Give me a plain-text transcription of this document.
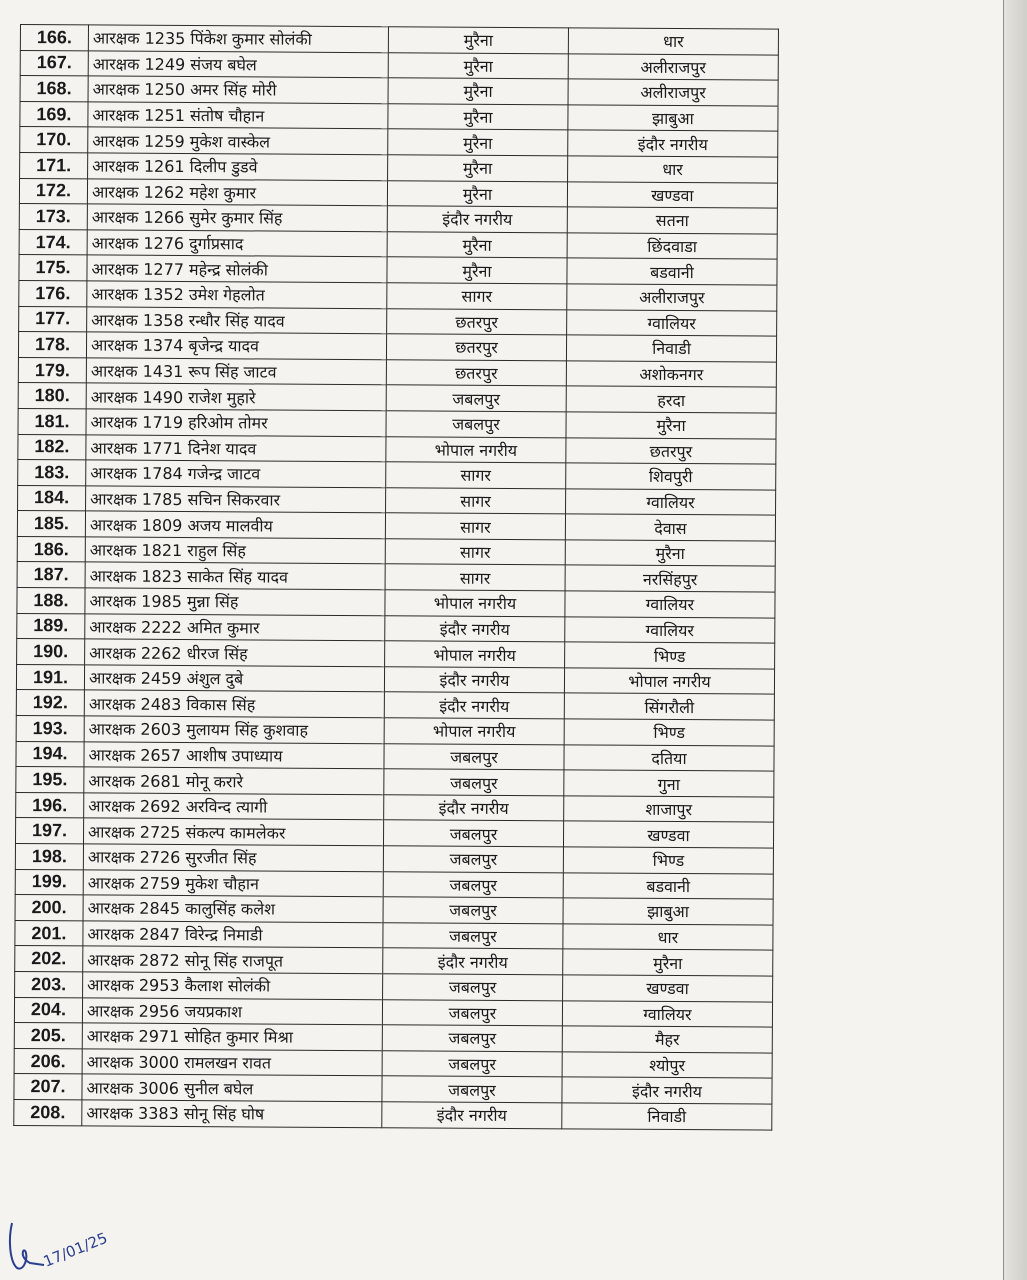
166.	आरक्षक 1235 पिंकेश कुमार सोलंकी	मुरैना	धार
167.	आरक्षक 1249 संजय बघेल	मुरैना	अलीराजपुर
168.	आरक्षक 1250 अमर सिंह मोरी	मुरैना	अलीराजपुर
169.	आरक्षक 1251 संतोष चौहान	मुरैना	झाबुआ
170.	आरक्षक 1259 मुकेश वास्केल	मुरैना	इंदौर नगरीय
171.	आरक्षक 1261 दिलीप डुडवे	मुरैना	धार
172.	आरक्षक 1262 महेश कुमार	मुरैना	खण्डवा
173.	आरक्षक 1266 सुमेर कुमार सिंह	इंदौर नगरीय	सतना
174.	आरक्षक 1276 दुर्गाप्रसाद	मुरैना	छिंदवाडा
175.	आरक्षक 1277 महेन्द्र सोलंकी	मुरैना	बडवानी
176.	आरक्षक 1352 उमेश गेहलोत	सागर	अलीराजपुर
177.	आरक्षक 1358 रन्धौर सिंह यादव	छतरपुर	ग्वालियर
178.	आरक्षक 1374 बृजेन्द्र यादव	छतरपुर	निवाडी
179.	आरक्षक 1431 रूप सिंह जाटव	छतरपुर	अशोकनगर
180.	आरक्षक 1490 राजेश मुहारे	जबलपुर	हरदा
181.	आरक्षक 1719 हरिओम तोमर	जबलपुर	मुरैना
182.	आरक्षक 1771 दिनेश यादव	भोपाल नगरीय	छतरपुर
183.	आरक्षक 1784 गजेन्द्र जाटव	सागर	शिवपुरी
184.	आरक्षक 1785 सचिन सिकरवार	सागर	ग्वालियर
185.	आरक्षक 1809 अजय मालवीय	सागर	देवास
186.	आरक्षक 1821 राहुल सिंह	सागर	मुरैना
187.	आरक्षक 1823 साकेत सिंह यादव	सागर	नरसिंहपुर
188.	आरक्षक 1985 मुन्ना सिंह	भोपाल नगरीय	ग्वालियर
189.	आरक्षक 2222 अमित कुमार	इंदौर नगरीय	ग्वालियर
190.	आरक्षक 2262 धीरज सिंह	भोपाल नगरीय	भिण्ड
191.	आरक्षक 2459 अंशुल दुबे	इंदौर नगरीय	भोपाल नगरीय
192.	आरक्षक 2483 विकास सिंह	इंदौर नगरीय	सिंगरौली
193.	आरक्षक 2603 मुलायम सिंह कुशवाह	भोपाल नगरीय	भिण्ड
194.	आरक्षक 2657 आशीष उपाध्याय	जबलपुर	दतिया
195.	आरक्षक 2681 मोनू करारे	जबलपुर	गुना
196.	आरक्षक 2692 अरविन्द त्यागी	इंदौर नगरीय	शाजापुर
197.	आरक्षक 2725 संकल्प कामलेकर	जबलपुर	खण्डवा
198.	आरक्षक 2726 सुरजीत सिंह	जबलपुर	भिण्ड
199.	आरक्षक 2759 मुकेश चौहान	जबलपुर	बडवानी
200.	आरक्षक 2845 कालुसिंह कलेश	जबलपुर	झाबुआ
201.	आरक्षक 2847 विरेन्द्र निमाडी	जबलपुर	धार
202.	आरक्षक 2872 सोनू सिंह राजपूत	इंदौर नगरीय	मुरैना
203.	आरक्षक 2953 कैलाश सोलंकी	जबलपुर	खण्डवा
204.	आरक्षक 2956 जयप्रकाश	जबलपुर	ग्वालियर
205.	आरक्षक 2971 सोहित कुमार मिश्रा	जबलपुर	मैहर
206.	आरक्षक 3000 रामलखन रावत	जबलपुर	श्योपुर
207.	आरक्षक 3006 सुनील बघेल	जबलपुर	इंदौर नगरीय
208.	आरक्षक 3383 सोनू सिंह घोष	इंदौर नगरीय	निवाडी
17/01/25
